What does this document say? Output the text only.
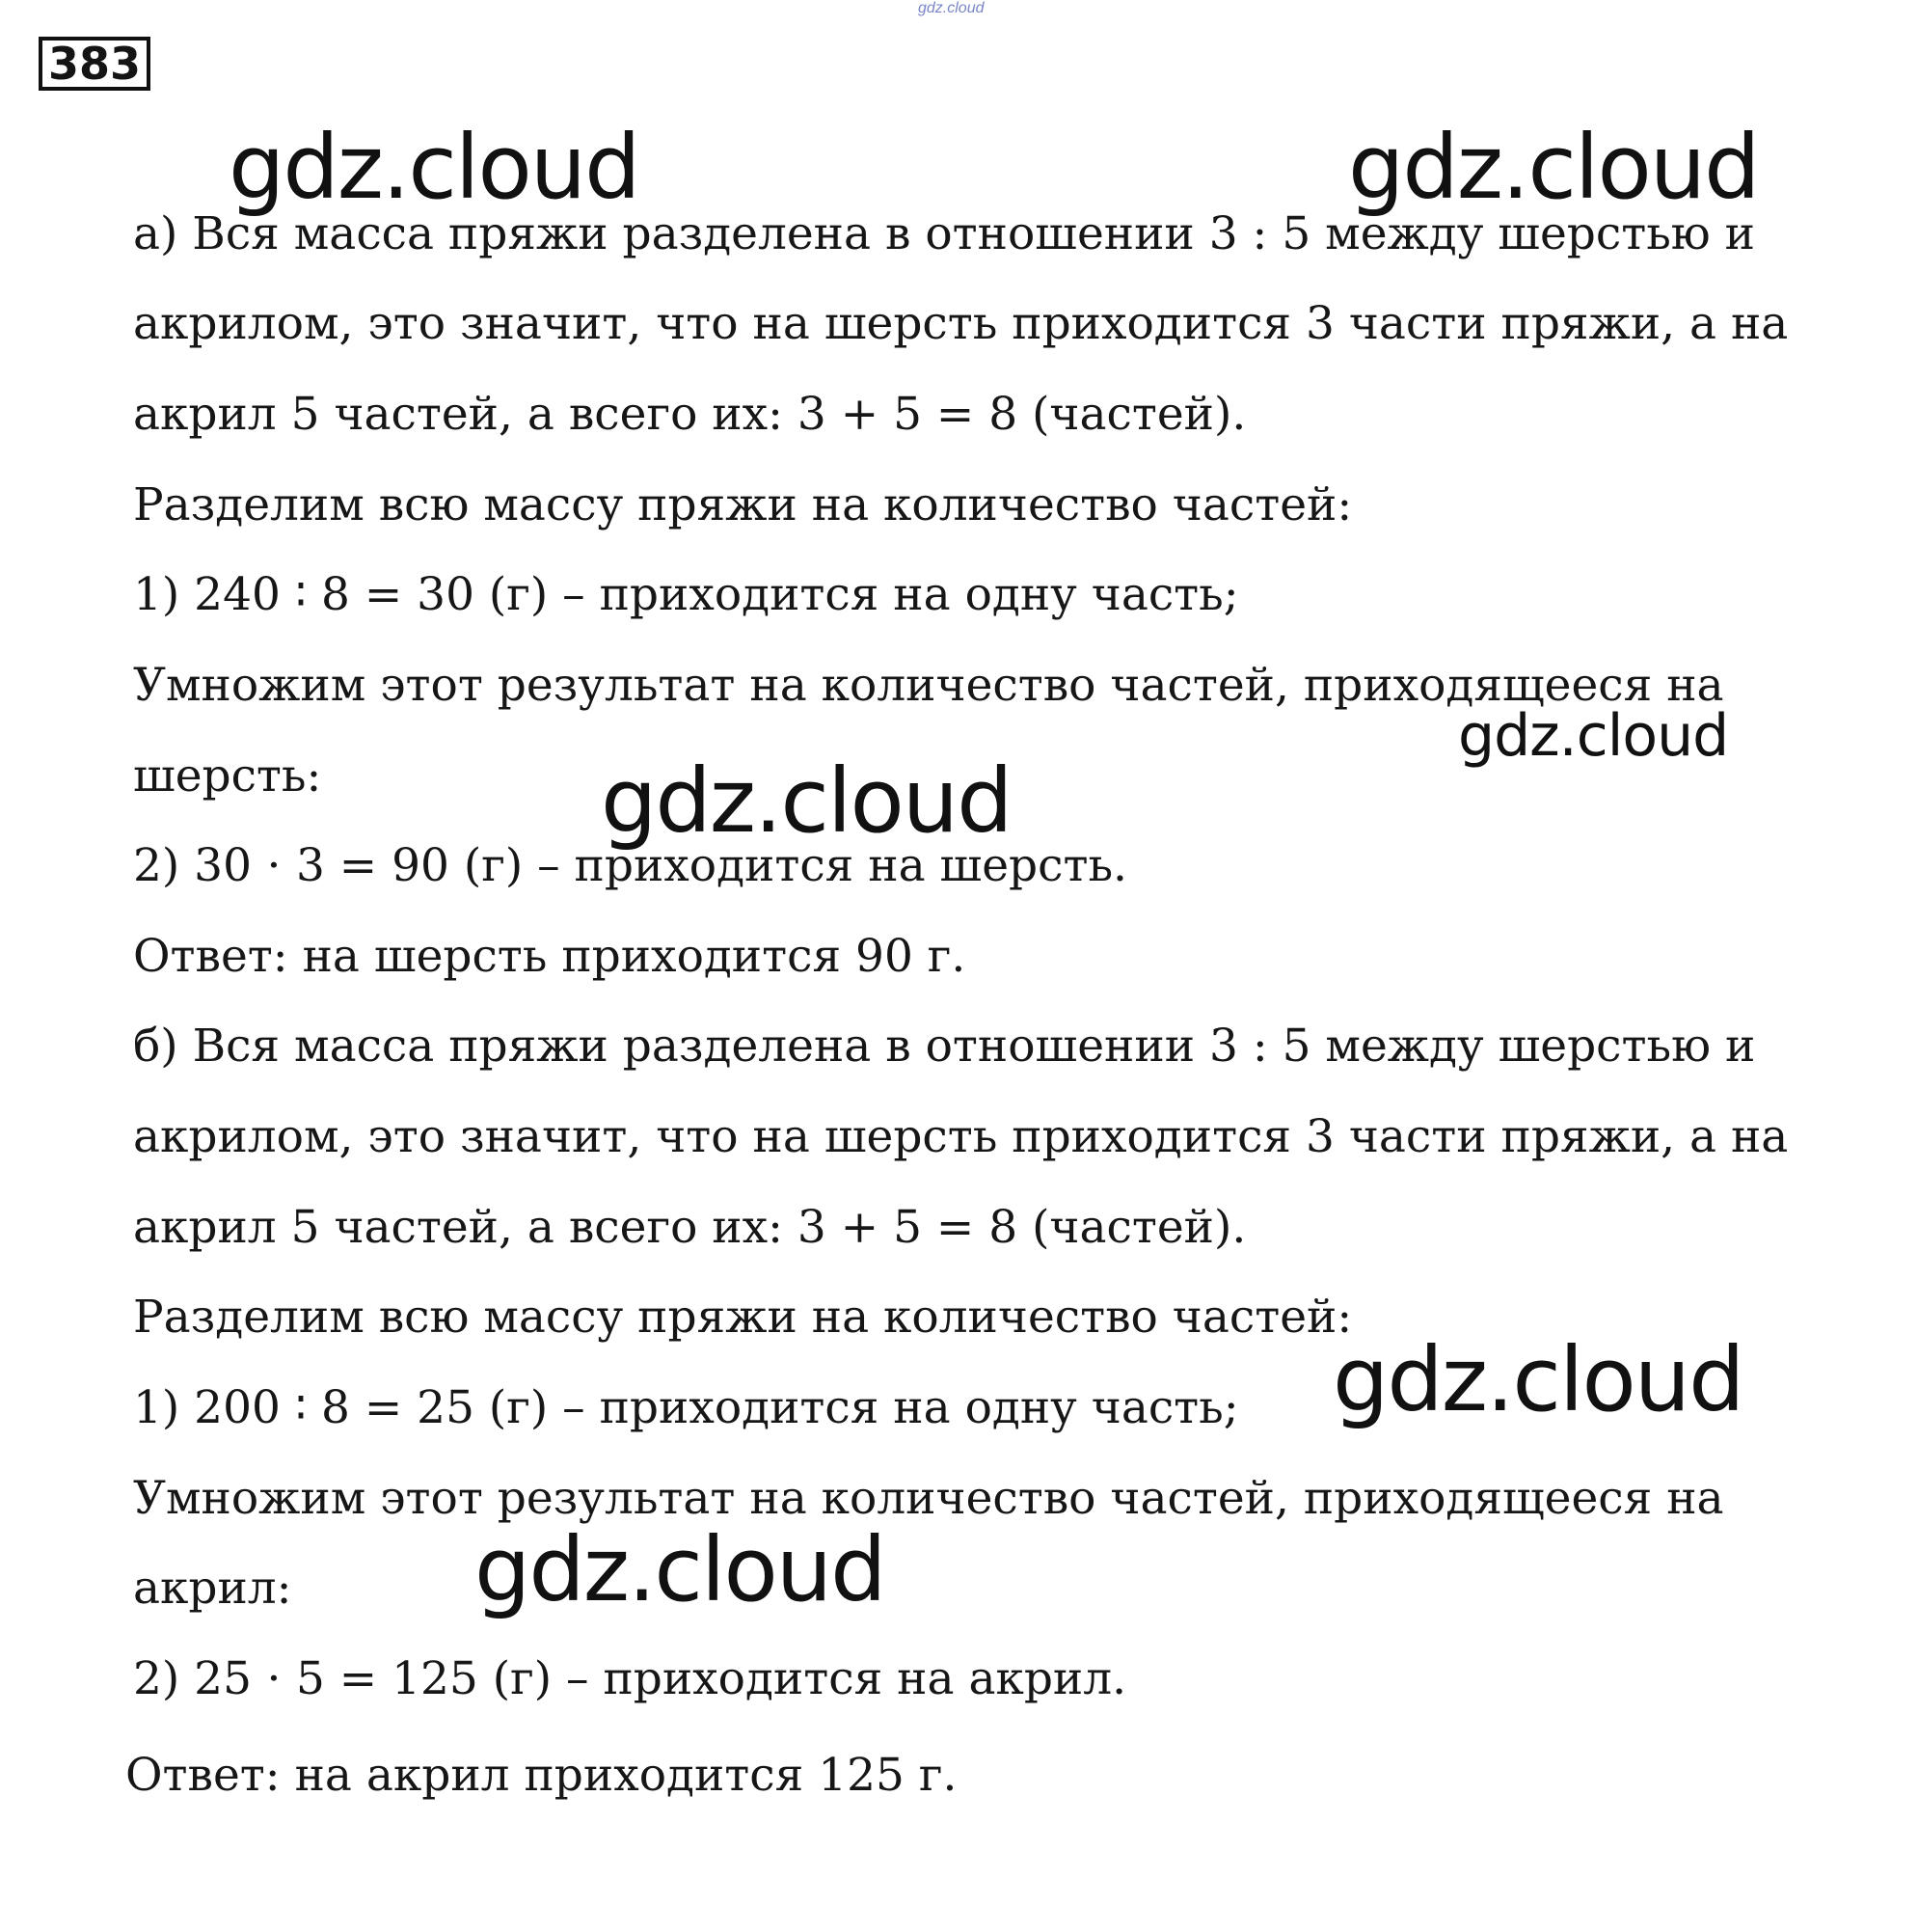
gdz.cloud
383
а) Вся масса пряжи разделена в отношении 3 : 5 между шерстью и
акрилом, это значит, что на шерсть приходится 3 части пряжи, а на
акрил 5 частей, а всего их: 3 + 5 = 8 (частей).
Разделим всю массу пряжи на количество частей:
1) 240 ∶ 8 = 30 (г) – приходится на одну часть;
Умножим этот результат на количество частей, приходящееся на
шерсть:
2) 30 ⋅ 3 = 90 (г) – приходится на шерсть.
Ответ: на шерсть приходится 90 г.
б) Вся масса пряжи разделена в отношении 3 : 5 между шерстью и
акрилом, это значит, что на шерсть приходится 3 части пряжи, а на
акрил 5 частей, а всего их: 3 + 5 = 8 (частей).
Разделим всю массу пряжи на количество частей:
1) 200 ∶ 8 = 25 (г) – приходится на одну часть;
Умножим этот результат на количество частей, приходящееся на
акрил:
2) 25 ⋅ 5 = 125 (г) – приходится на акрил.
Ответ: на акрил приходится 125 г.
gdz.cloud	gdz.cloud
gdz.cloud
gdz.cloud
gdz.cloud
gdz.cloud
